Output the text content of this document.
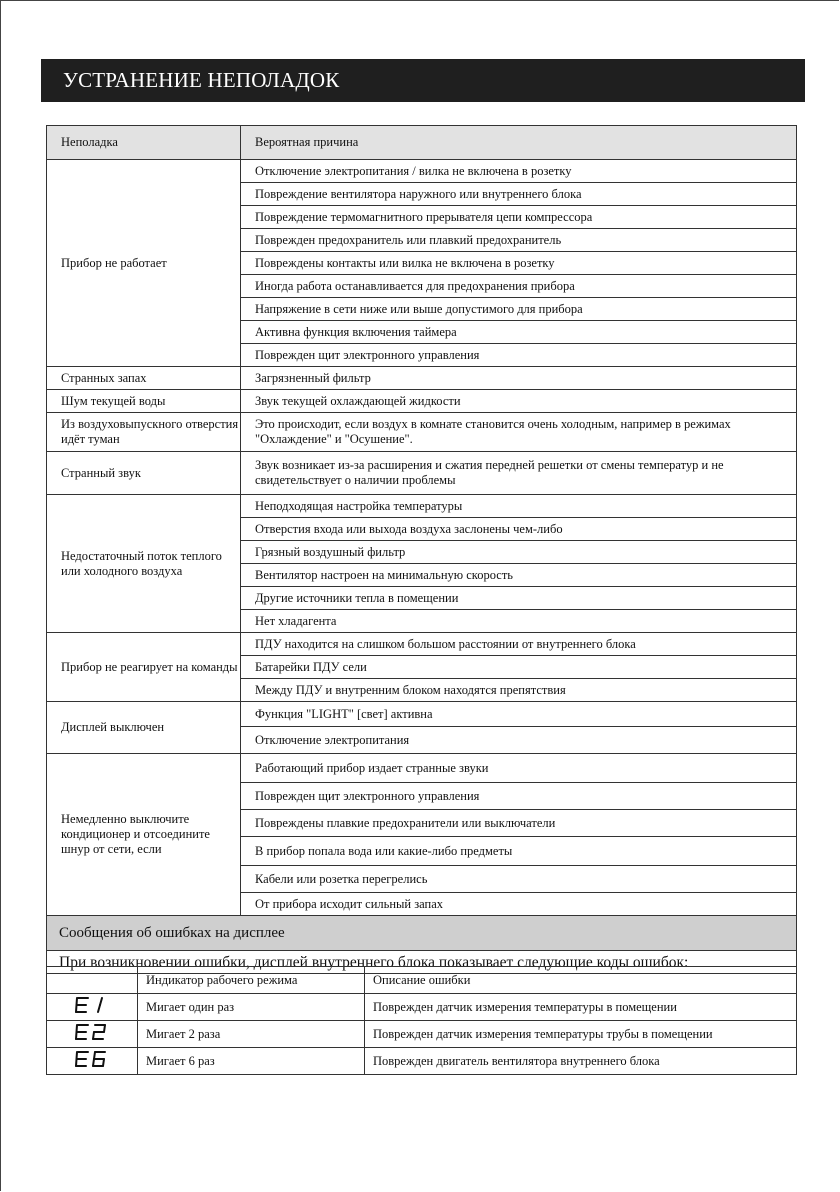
УСТРАНЕНИЕ НЕПОЛАДОК
Неполадка	Вероятная причина
Прибор не работает	Отключение электропитания / вилка не включена в розетку
	Повреждение вентилятора наружного или внутреннего блока
	Повреждение термомагнитного прерывателя цепи компрессора
	Поврежден предохранитель или плавкий предохранитель
	Повреждены контакты или вилка не включена в розетку
	Иногда работа останавливается для предохранения прибора
	Напряжение в сети ниже или выше допустимого для прибора
	Активна функция включения таймера
	Поврежден щит электронного управления
Странных запах	Загрязненный фильтр
Шум текущей воды	Звук текущей охлаждающей жидкости
Из воздуховыпускного отверстия идёт туман	Это происходит, если воздух в комнате становится очень холодным, например в режимах "Охлаждение" и "Осушение".
Странный звук	Звук возникает из-за расширения и сжатия передней решетки от смены температур и не свидетельствует о наличии проблемы
Недостаточный поток теплого или холодного воздуха	Неподходящая настройка температуры
	Отверстия входа или выхода воздуха заслонены чем-либо
	Грязный воздушный фильтр
	Вентилятор настроен на минимальную скорость
	Другие источники тепла в помещении
	Нет хладагента
Прибор не реагирует на команды	ПДУ находится на слишком большом расстоянии от внутреннего блока
	Батарейки ПДУ сели
	Между ПДУ и внутренним блоком находятся препятствия
Дисплей выключен	Функция "LIGHT" [свет] активна
	Отключение электропитания
Немедленно выключите кондиционер и отсоедините шнур от сети, если	Работающий прибор издает странные звуки
	Поврежден щит электронного управления
	Повреждены плавкие предохранители или выключатели
	В прибор попала вода или какие-либо предметы
	Кабели или розетка перегрелись
	От прибора исходит сильный запах
Сообщения об ошибках на дисплее	
При возникновении ошибки, дисплей внутреннего блока показывает следующие коды ошибок:	
	Индикатор рабочего режима	Описание ошибки
	Мигает один раз	Поврежден датчик измерения температуры в помещении
	Мигает 2 раза	Поврежден датчик измерения температуры трубы в помещении
	Мигает 6 раз	Поврежден двигатель вентилятора внутреннего блока
